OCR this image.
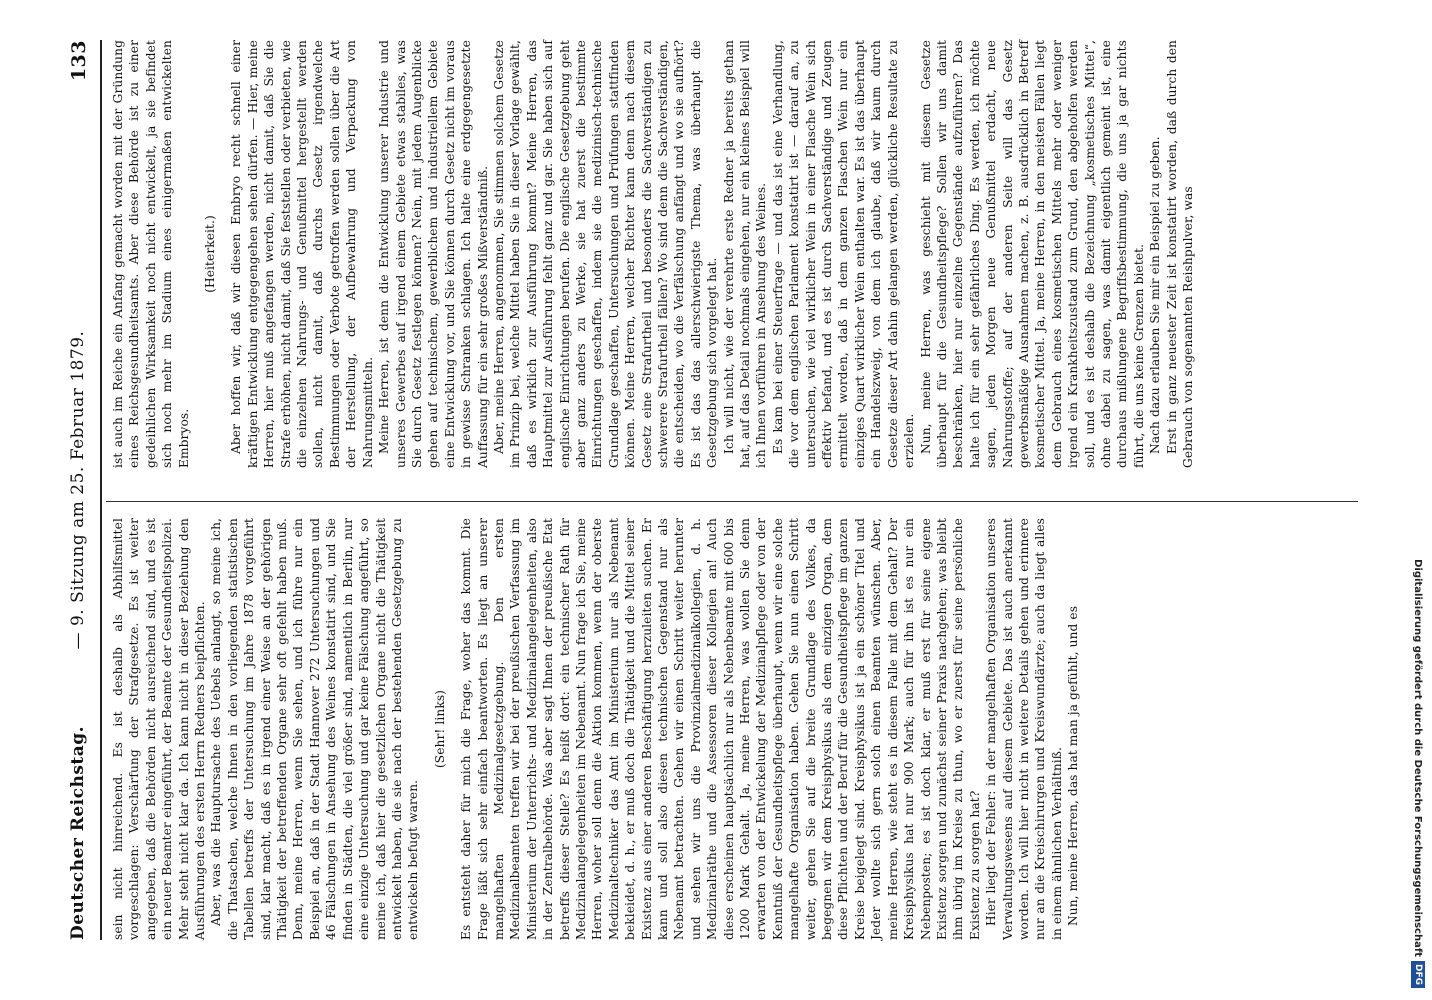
Deutscher Reichstag.
— 9. Sitzung am 25. Februar 1879.
133

sein nicht hinreichend. Es ist deshalb als Abhilfsmittel vorgeschlagen: Verschärfung der Strafgesetze. Es ist weiter angegeben, daß die Behörden nicht ausreichend sind, und es ist ein neuer Beamter eingeführt, der Beamte der Gesundheitspolizei. Mehr steht nicht klar da. Ich kann nicht in dieser Beziehung den Ausführungen des ersten Herrn Redners beipflichten. Aber, was die Hauptursache des Uebels anlangt, so meine ich, die Thatsachen, welche Ihnen in den vorliegenden statistischen Tabellen betreffs der Untersuchung im Jahre 1878 vorgeführt sind, klar macht, daß es in irgend einer Weise an der gehörigen Thätigkeit der betreffenden Organe sehr oft gefehlt haben muß. Denn, meine Herren, wenn Sie sehen, und ich führe nur ein Beispiel an, daß in der Stadt Hannover 272 Untersuchungen und 46 Fälschungen in Ansehung des Weines konstatirt sind, und Sie finden in Städten, die viel größer sind, namentlich in Berlin, nur eine einzige Untersuchung und gar keine Fälschung angeführt, so meine ich, daß hier die gesetzlichen Organe nicht die Thätigkeit entwickelt haben, die sie nach der bestehenden Gesetzgebung zu entwickeln befugt waren.

(Sehr! links) Es entsteht daher für mich die Frage, woher das kommt. Die Frage läßt sich sehr einfach beantworten. Es liegt an unserer mangelhaften Medizinalgesetzgebung. Den ersten Medizinalbeamten treffen wir bei der preußischen Verfassung im Ministerium der Unterrichts- und Medizinalangelegenheiten, also in der Zentralbehörde. Was aber sagt Ihnen der preußische Etat betreffs dieser Stelle? Es heißt dort: ein technischer Rath für Medizinalangelegenheiten im Nebenamt. Nun frage ich Sie, meine Herren, woher soll denn die Aktion kommen, wenn der oberste Medizinaltechniker das Amt im Ministerium nur als Nebenamt bekleidet, d. h., er muß doch die Thätigkeit und die Mittel seiner Existenz aus einer anderen Beschäftigung herzuleiten suchen. Er kann und soll also diesen technischen Gegenstand nur als Nebenamt betrachten. Gehen wir einen Schritt weiter herunter und sehen wir uns die Provinzialmedizinalkollegien, d. h. Medizinalräthe und die Assessoren dieser Kollegien an! Auch diese erscheinen hauptsächlich nur als Nebenbeamte mit 600 bis 1200 Mark Gehalt. Ja, meine Herren, was wollen Sie denn erwarten von der Entwickelung der Medizinalpflege oder von der Kenntniß der Gesundheitspflege überhaupt, wenn wir eine solche mangelhafte Organisation haben. Gehen Sie nun einen Schritt weiter, gehen Sie auf die breite Grundlage des Volkes, da begegnen wir dem Kreisphysikus als dem einzigen Organ, dem diese Pflichten und der Beruf für die Gesundheitspflege im ganzen Kreise beigelegt sind. Kreisphysikus ist ja ein schöner Titel und Jeder wollte sich gern solch einen Beamten wünschen. Aber, meine Herren, wie steht es in diesem Falle mit dem Gehalt? Der Kreisphysikus hat nur 900 Mark; auch für ihn ist es nur ein Nebenposten; es ist doch klar, er muß erst für seine eigene Existenz sorgen und zunächst seiner Praxis nachgehen; was bleibt ihm übrig im Kreise zu thun, wo er zuerst für seine persönliche Existenz zu sorgen hat? Hier liegt der Fehler: in der mangelhaften Organisation unseres Verwaltungswesens auf diesem Gebiete. Das ist auch anerkannt worden. Ich will hier nicht in weitere Details gehen und erinnere nur an die Kreischirurgen und Kreiswundärzte; auch da liegt alles in einem ähnlichen Verhältniß. Nun, meine Herren, das hat man ja gefühlt, und es

ist auch im Reiche ein Anfang gemacht worden mit der Gründung eines Reichsgesundheitsamts. Aber diese Behörde ist zu einer gedeihlichen Wirksamkeit noch nicht entwickelt, ja sie befindet sich noch mehr im Stadium eines einigermaßen entwickelten Embryos.

(Heiterkeit.) Aber hoffen wir, daß wir diesen Embryo recht schnell einer kräftigen Entwicklung entgegengehen sehen dürfen. — Hier, meine Herren, hier muß angefangen werden, nicht damit, daß Sie die Strafe erhöhen, nicht damit, daß Sie feststellen oder verbieten, wie die einzelnen Nahrungs- und Genußmittel hergestellt werden sollen, nicht damit, daß durchs Gesetz irgendwelche Bestimmungen oder Verbote getroffen werden sollen über die Art der Herstellung, der Aufbewahrung und Verpackung von Nahrungsmitteln. Meine Herren, ist denn die Entwicklung unserer Industrie und unseres Gewerbes auf irgend einem Gebiete etwas stabiles, was Sie durch Gesetz festlegen können? Nein, mit jedem Augenblicke gehen auf technischem, gewerblichem und industriellem Gebiete eine Entwicklung vor, und Sie können durch Gesetz nicht im voraus in gewisse Schranken schlagen. Ich halte eine erdgegengesetzte Auffassung für ein sehr großes Mißverständniß. Aber, meine Herren, angenommen, Sie stimmen solchem Gesetze im Prinzip bei, welche Mittel haben Sie in dieser Vorlage gewählt, daß es wirklich zur Ausführung kommt? Meine Herren, das Hauptmittel zur Ausführung fehlt ganz und gar. Sie haben sich auf englische Einrichtungen berufen. Die englische Gesetzgebung geht aber ganz anders zu Werke, sie hat zuerst die bestimmte Einrichtungen geschaffen, indem sie die medizinisch-technische Grundlage geschaffen, Untersuchungen und Prüfungen stattfinden können. Meine Herren, welcher Richter kann denn nach diesem Gesetz eine Strafurtheil und besonders die Sachverständigen zu schwerere Strafurtheil fällen? Wo sind denn die Sachverständigen, die entscheiden, wo die Verfälschung anfängt und wo sie aufhört? Es ist das das allerschwierigste Thema, was überhaupt die Gesetzgebung sich vorgelegt hat. Ich will nicht, wie der verehrte erste Redner ja bereits gethan hat, auf das Detail nochmals eingehen, nur ein kleines Beispiel will ich Ihnen vorführen in Ansehung des Weines. Es kam bei einer Steuerfrage — und das ist eine Verhandlung, die vor dem englischen Parlament konstatirt ist — darauf an, zu untersuchen, wie viel wirklicher Wein in einer Flasche Wein sich effektiv befand, und es ist durch Sachverständige und Zeugen ermittelt worden, daß in dem ganzen Flaschen Wein nur ein einziges Quart wirklicher Wein enthalten war. Es ist das überhaupt ein Handelszweig, von dem ich glaube, daß wir kaum durch Gesetze dieser Art dahin gelangen werden, glückliche Resultate zu erzielen. Nun, meine Herren, was geschieht mit diesem Gesetze überhaupt für die Gesundheitspflege? Sollen wir uns damit beschränken, hier nur einzelne Gegenstände aufzuführen? Das halte ich für ein sehr gefährliches Ding. Es werden, ich möchte sagen, jeden Morgen neue Genußmittel erdacht, neue Nahrungsstoffe; auf der anderen Seite will das Gesetz gewerbsmäßige Ausnahmen machen, z. B. ausdrücklich in Betreff kosmetischer Mittel. Ja, meine Herren, in den meisten Fällen liegt dem Gebrauch eines kosmetischen Mittels mehr oder weniger irgend ein Krankheitszustand zum Grund, den abgeholfen werden soll, und es ist deshalb die Bezeichnung „kosmetisches Mittel“, ohne dabei zu sagen, was damit eigentlich gemeint ist, eine durchaus mißlungene Begriffsbestimmung, die uns ja gar nichts führt, die uns keine Grenzen bietet. Nach dazu erlauben Sie mir ein Beispiel zu geben. Erst in ganz neuester Zeit ist konstatirt worden, daß durch den Gebrauch von sogenannten Reishpulver, was

Digitalisierung gefördert durch die Deutsche Forschungsgemeinschaft
DFG
